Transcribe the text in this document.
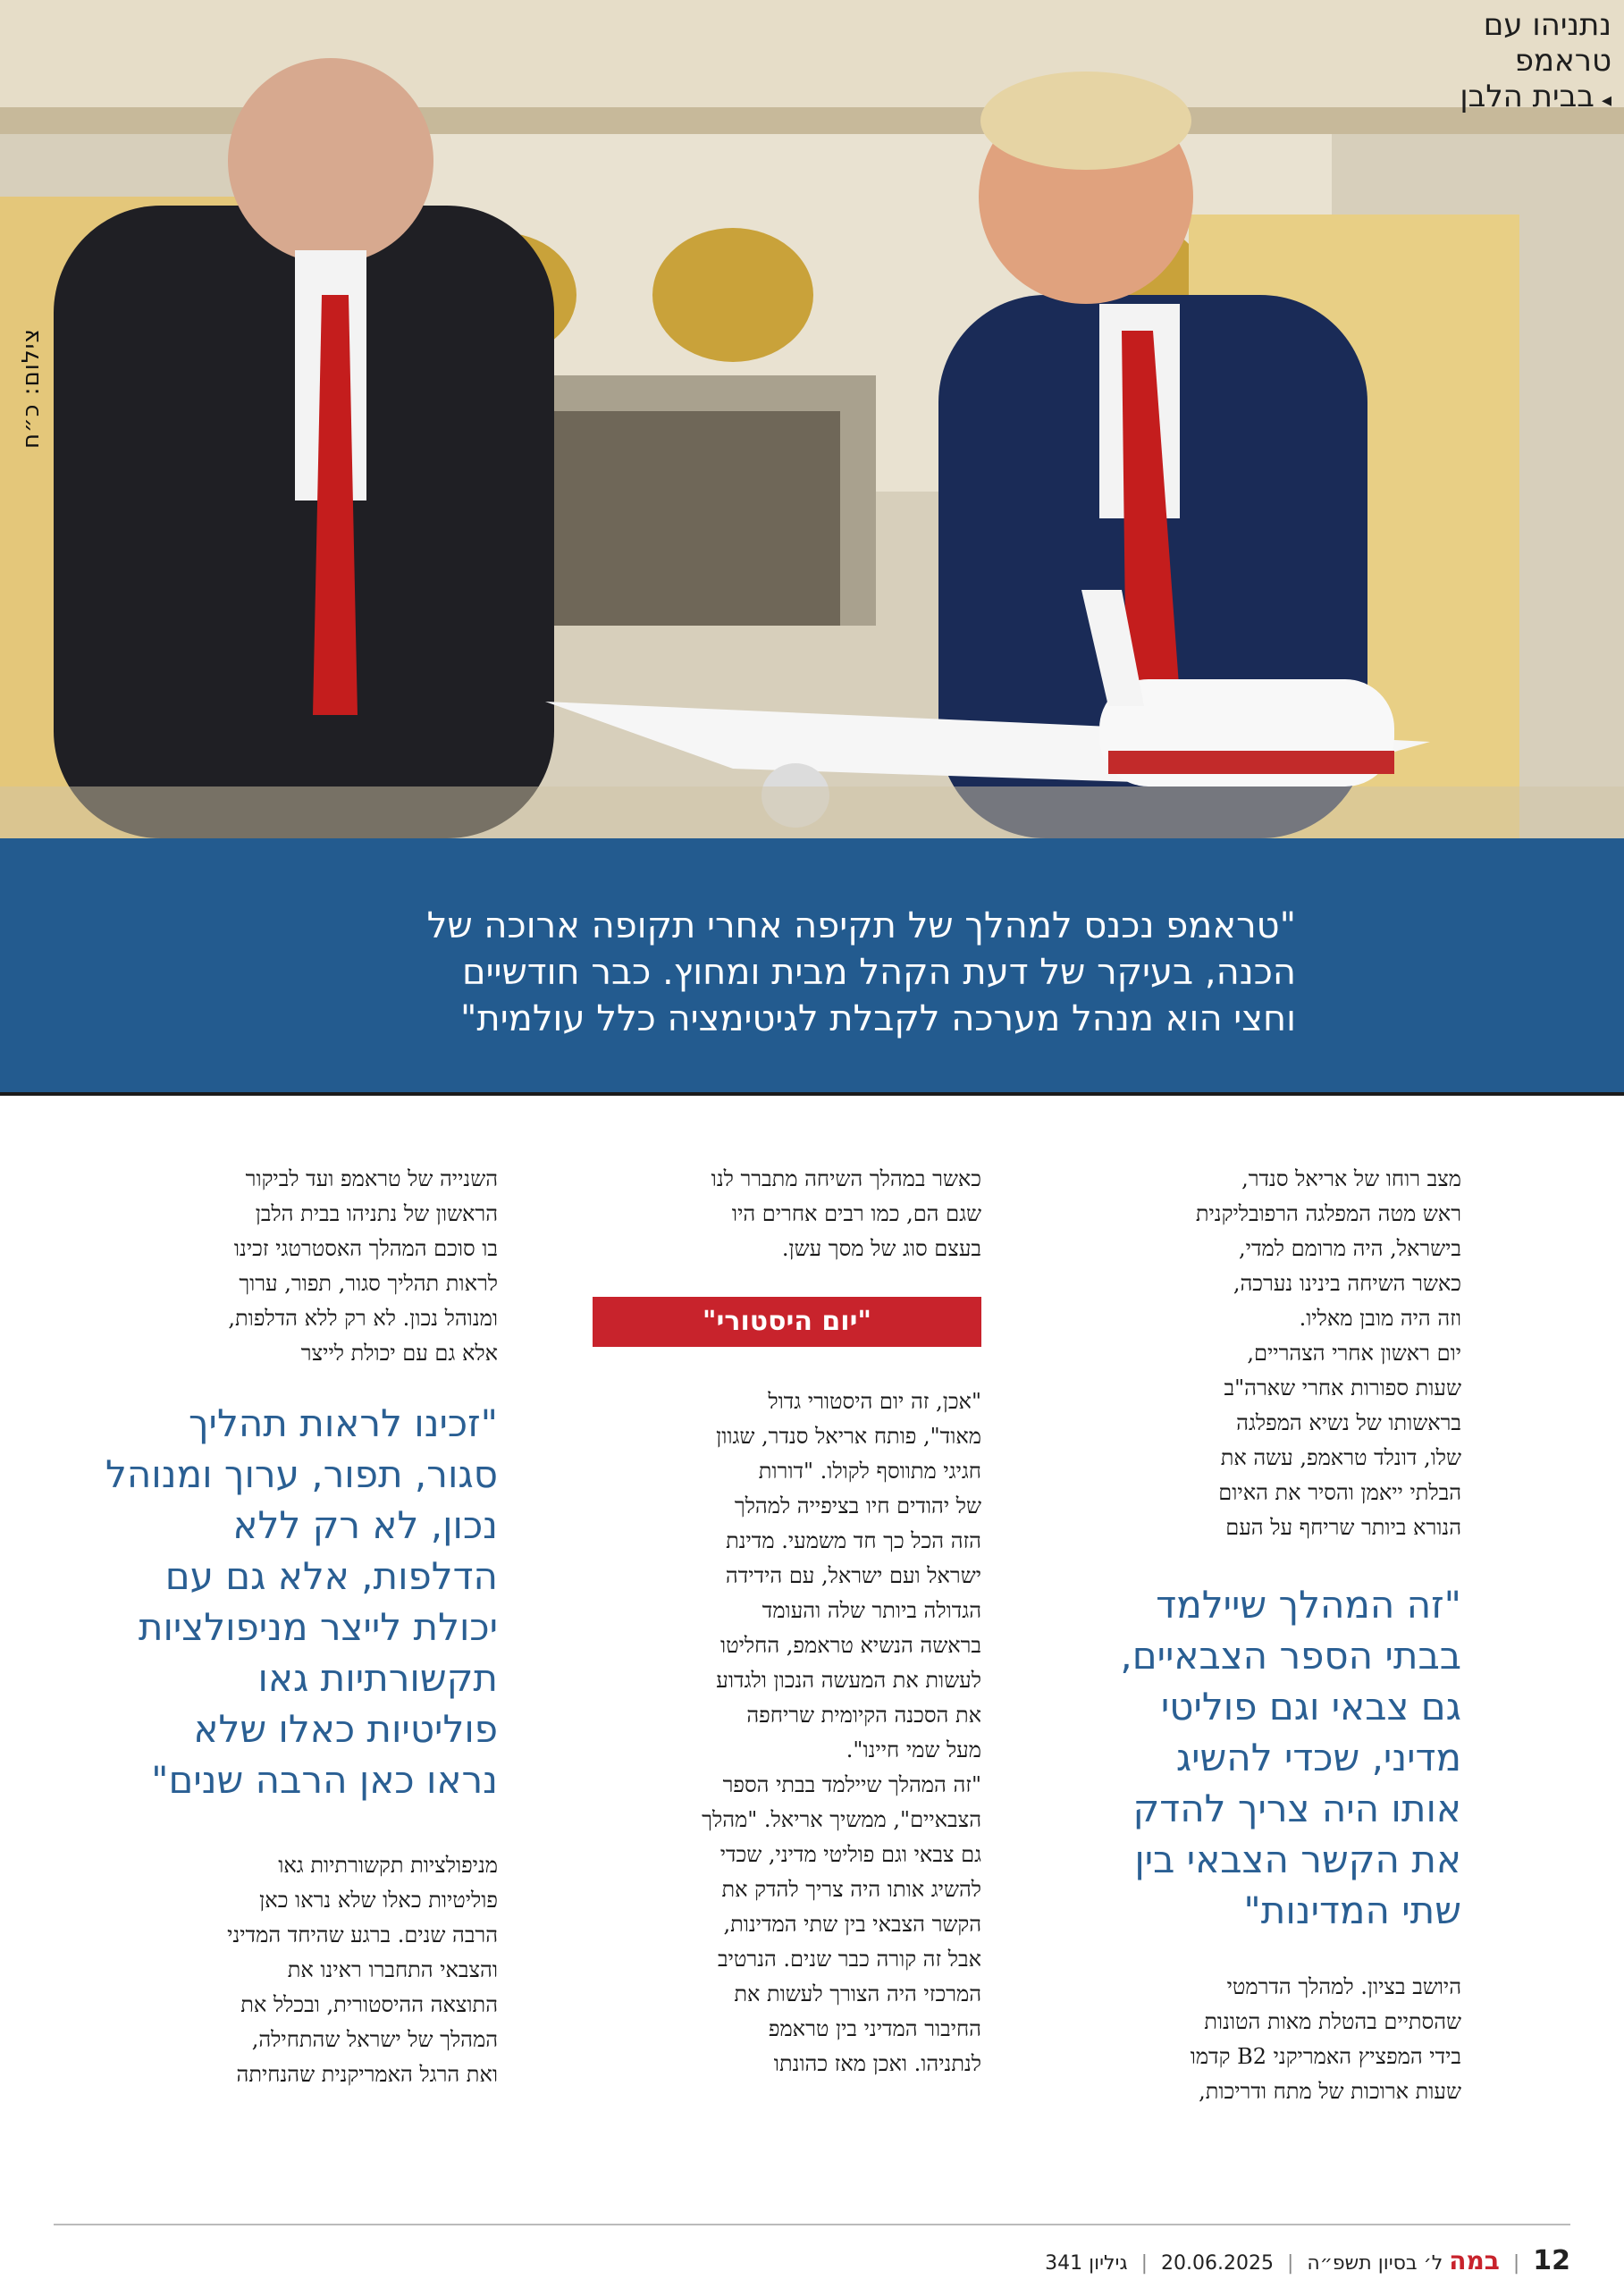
נתניהו עם
טראמפ
◂בבית הלבן
צילום: כ״ח
"טראמפ נכנס למהלך של תקיפה אחרי תקופה ארוכה של
הכנה, בעיקר של דעת הקהל מבית ומחוץ. כבר חודשיים
וחצי הוא מנהל מערכה לקבלת לגיטימציה כלל עולמית"
מצב רוחו של אריאל סנדר,
ראש מטה המפלגה הרפובליקנית
בישראל, היה מרומם למדי,
כאשר השיחה בינינו נערכה,
וזה היה מובן מאליו.
יום ראשון אחרי הצהריים,
שעות ספורות אחרי שארה"ב
בראשותו של נשיא המפלגה
שלו, דונלד טראמפ, עשה את
הבלתי ייאמן והסיר את האיום
הנורא ביותר שריחף על העם
"זה המהלך שיילמד
בבתי הספר הצבאיים,
גם צבאי וגם פוליטי
מדיני, שכדי להשיג
אותו היה צריך להדק
את הקשר הצבאי בין
שתי המדינות"
היושב בציון. למהלך הדרמטי
שהסתיים בהטלת מאות הטונות
בידי המפציץ האמריקני B2 קדמו
שעות ארוכות של מתח ודריכות,
כאשר במהלך השיחה מתברר לנו
שגם הם, כמו רבים אחרים היו
בעצם סוג של מסך עשן.
"יום היסטורי"
"אכן, זה יום היסטורי גדול
מאוד", פותח אריאל סנדר, שגוון
חגיגי מתווסף לקולו. "דורות
של יהודים חיו בציפייה למהלך
הזה הכל כך חד משמעי. מדינת
ישראל ועם ישראל, עם הידידה
הגדולה ביותר שלה והעומד
בראשה הנשיא טראמפ, החליטו
לעשות את המעשה הנכון ולגדוע
את הסכנה הקיומית שריחפה
מעל שמי חיינו".
"זה המהלך שיילמד בבתי הספר
הצבאיים", ממשיך אריאל. "מהלך
גם צבאי וגם פוליטי מדיני, שכדי
להשיג אותו היה צריך להדק את
הקשר הצבאי בין שתי המדינות,
אבל זה קורה כבר שנים. הנרטיב
המרכזי היה הצורך לעשות את
החיבור המדיני בין טראמפ
לנתניהו. ואכן מאז כהונתו
השנייה של טראמפ ועד לביקור
הראשון של נתניהו בבית הלבן
בו סוכם המהלך האסטרטגי זכינו
לראות תהליך סגור, תפור, ערוך
ומנוהל נכון. לא רק ללא הדלפות,
אלא גם עם יכולת לייצר
"זכינו לראות תהליך
סגור, תפור, ערוך ומנוהל
נכון, לא רק ללא
הדלפות, אלא גם עם
יכולת לייצר מניפולציות
תקשורתיות גאו
פוליטיות כאלו שלא
נראו כאן הרבה שנים"
מניפולציות תקשורתיות גאו
פוליטיות כאלו שלא נראו כאן
הרבה שנים. ברגע שהיחד המדיני
והצבאי התחברו ראינו את
התוצאה ההיסטורית, ובכלל את
המהלך של ישראל שהתחילה,
ואת הרגל האמריקנית שהנחיתה
12 | במה ל׳ בסיון תשפ״ה | 20.06.2025 | גיליון 341
